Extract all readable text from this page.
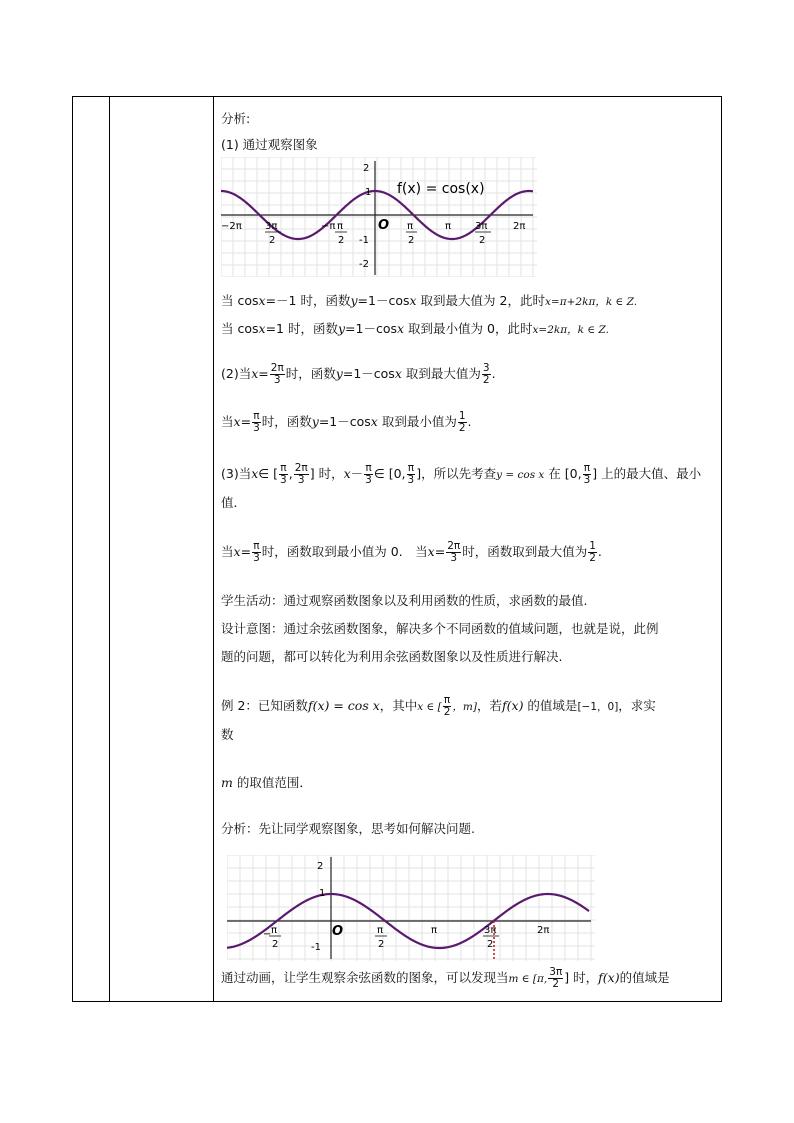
分析:
(1) 通过观察图象
f(x) = cos(x)
O
2
1
-1
-2
−2π 3π
2
−π π
2
π
2
π 3π
2
2π
当 cosx=－1 时，函数y=1－cosx 取到最大值为 2，此时x=π+2kπ，k ∈ Z.
当 cosx=1 时，函数y=1－cosx 取到最小值为 0，此时x=2kπ，k ∈ Z.
(2)当$x= \frac{2\pi}{3}$ 时，函数y=1－cosx 取到最大值为 $\frac{3}{2}$ .
当$x= \frac{\pi}{3}$ 时，函数y=1－cosx 取到最小值为 $\frac{1}{2}$ .
(3)当x∈ [ $\frac{\pi}{3}$ , $\frac{2\pi}{3}$ ] 时，$x- \frac{\pi}{3}$ ∈ [0, $\frac{\pi}{3}$ ]，所以先考查y = cos x 在 [0, $\frac{\pi}{3}$ ] 上的最大值、最小
值.
当$x= \frac{\pi}{3}$ 时，函数取到最小值为 0.　当$x= \frac{2\pi}{3}$ 时，函数取到最大值为 $\frac{1}{2}$ .
学生活动：通过观察函数图象以及利用函数的性质，求函数的最值.
设计意图：通过余弦函数图象，解决多个不同函数的值域问题，也就是说，此例
题的问题，都可以转化为利用余弦函数图象以及性质进行解决.
例 2：已知函数f(x) = cos x，其中x ∈ [ $\frac{\pi}{2}$ ，m]，若f(x) 的值域是[−1，0]，求实
数
m 的取值范围．
分析：先让同学观察图象，思考如何解决问题.
O
2
1
-1
− π
2
π
2
π	3π
2
2π
通过动画，让学生观察余弦函数的图象，可以发现当m ∈ [π, $\frac{3\pi}{2}$ ] 时，f(x)的值域是
